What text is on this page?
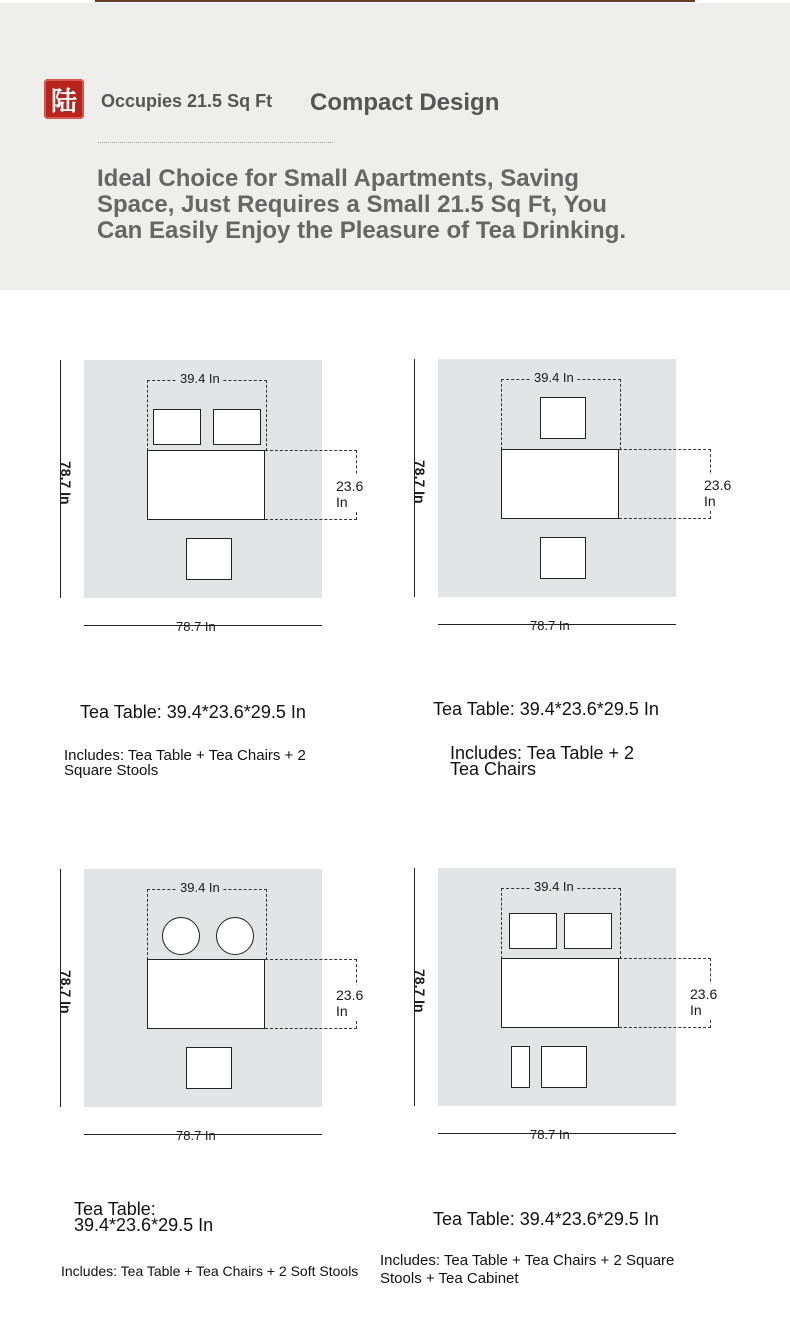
陆	Occupies 21.5 Sq Ft Compact Design
Ideal Choice for Small Apartments, Saving Space, Just Requires a Small 21.5 Sq Ft, You Can Easily Enjoy the Pleasure of Tea Drinking.
78.7 In
39.4 In
23.6 In
78.7 In
78.7 In
39.4 In
23.6 In
78.7 In
78.7 In
39.4 In
23.6 In
78.7 In
78.7 In
39.4 In
23.6 In
78.7 In
Tea Table: 39.4*23.6*29.5 In
Includes: Tea Table + Tea Chairs + 2 Square Stools
Tea Table: 39.4*23.6*29.5 In
Includes: Tea Table + 2 Tea Chairs
Tea Table: 39.4*23.6*29.5 In
Includes: Tea Table + Tea Chairs + 2 Soft Stools
Tea Table: 39.4*23.6*29.5 In
Includes: Tea Table + Tea Chairs + 2 Square Stools + Tea Cabinet
